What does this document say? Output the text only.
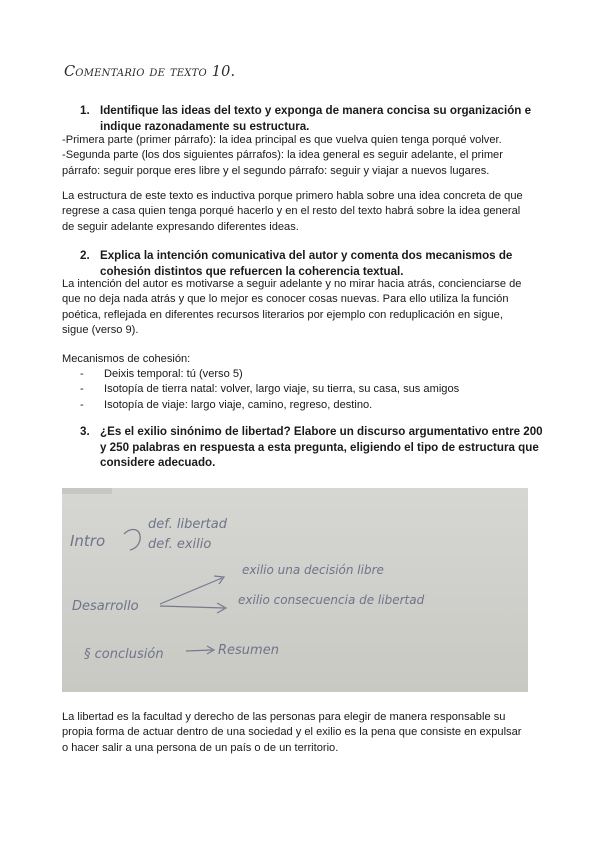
Comentario de texto 10.
1. Identifique las ideas del texto y exponga de manera concisa su organización e
indique razonadamente su estructura.
-Primera parte (primer párrafo): la idea principal es que vuelva quien tenga porqué volver.
-Segunda parte (los dos siguientes párrafos): la idea general es seguir adelante, el primer
párrafo: seguir porque eres libre y el segundo párrafo: seguir y viajar a nuevos lugares.
La estructura de este texto es inductiva porque primero habla sobre una idea concreta de que
regrese a casa quien tenga porqué hacerlo y en el resto del texto habrá sobre la idea general
de seguir adelante expresando diferentes ideas.
2. Explica la intención comunicativa del autor y comenta dos mecanismos de
cohesión distintos que refuercen la coherencia textual.
La intención del autor es motivarse a seguir adelante y no mirar hacia atrás, concienciarse de
que no deja nada atrás y que lo mejor es conocer cosas nuevas. Para ello utiliza la función
poética, reflejada en diferentes recursos literarios por ejemplo con reduplicación en sigue,
sigue (verso 9).
Mecanismos de cohesión:
- Deixis temporal: tú (verso 5)
- Isotopía de tierra natal: volver, largo viaje, su tierra, su casa, sus amigos
- Isotopía de viaje: largo viaje, camino, regreso, destino.
3. ¿Es el exilio sinónimo de libertad? Elabore un discurso argumentativo entre 200
y 250 palabras en respuesta a esta pregunta, eligiendo el tipo de estructura que
considere adecuado.
Intro
def. libertad
def. exilio
exilio una decisión libre
Desarrollo	exilio consecuencia de libertad
§ conclusión	Resumen
La libertad es la facultad y derecho de las personas para elegir de manera responsable su
propia forma de actuar dentro de una sociedad y el exilio es la pena que consiste en expulsar
o hacer salir a una persona de un país o de un territorio.
